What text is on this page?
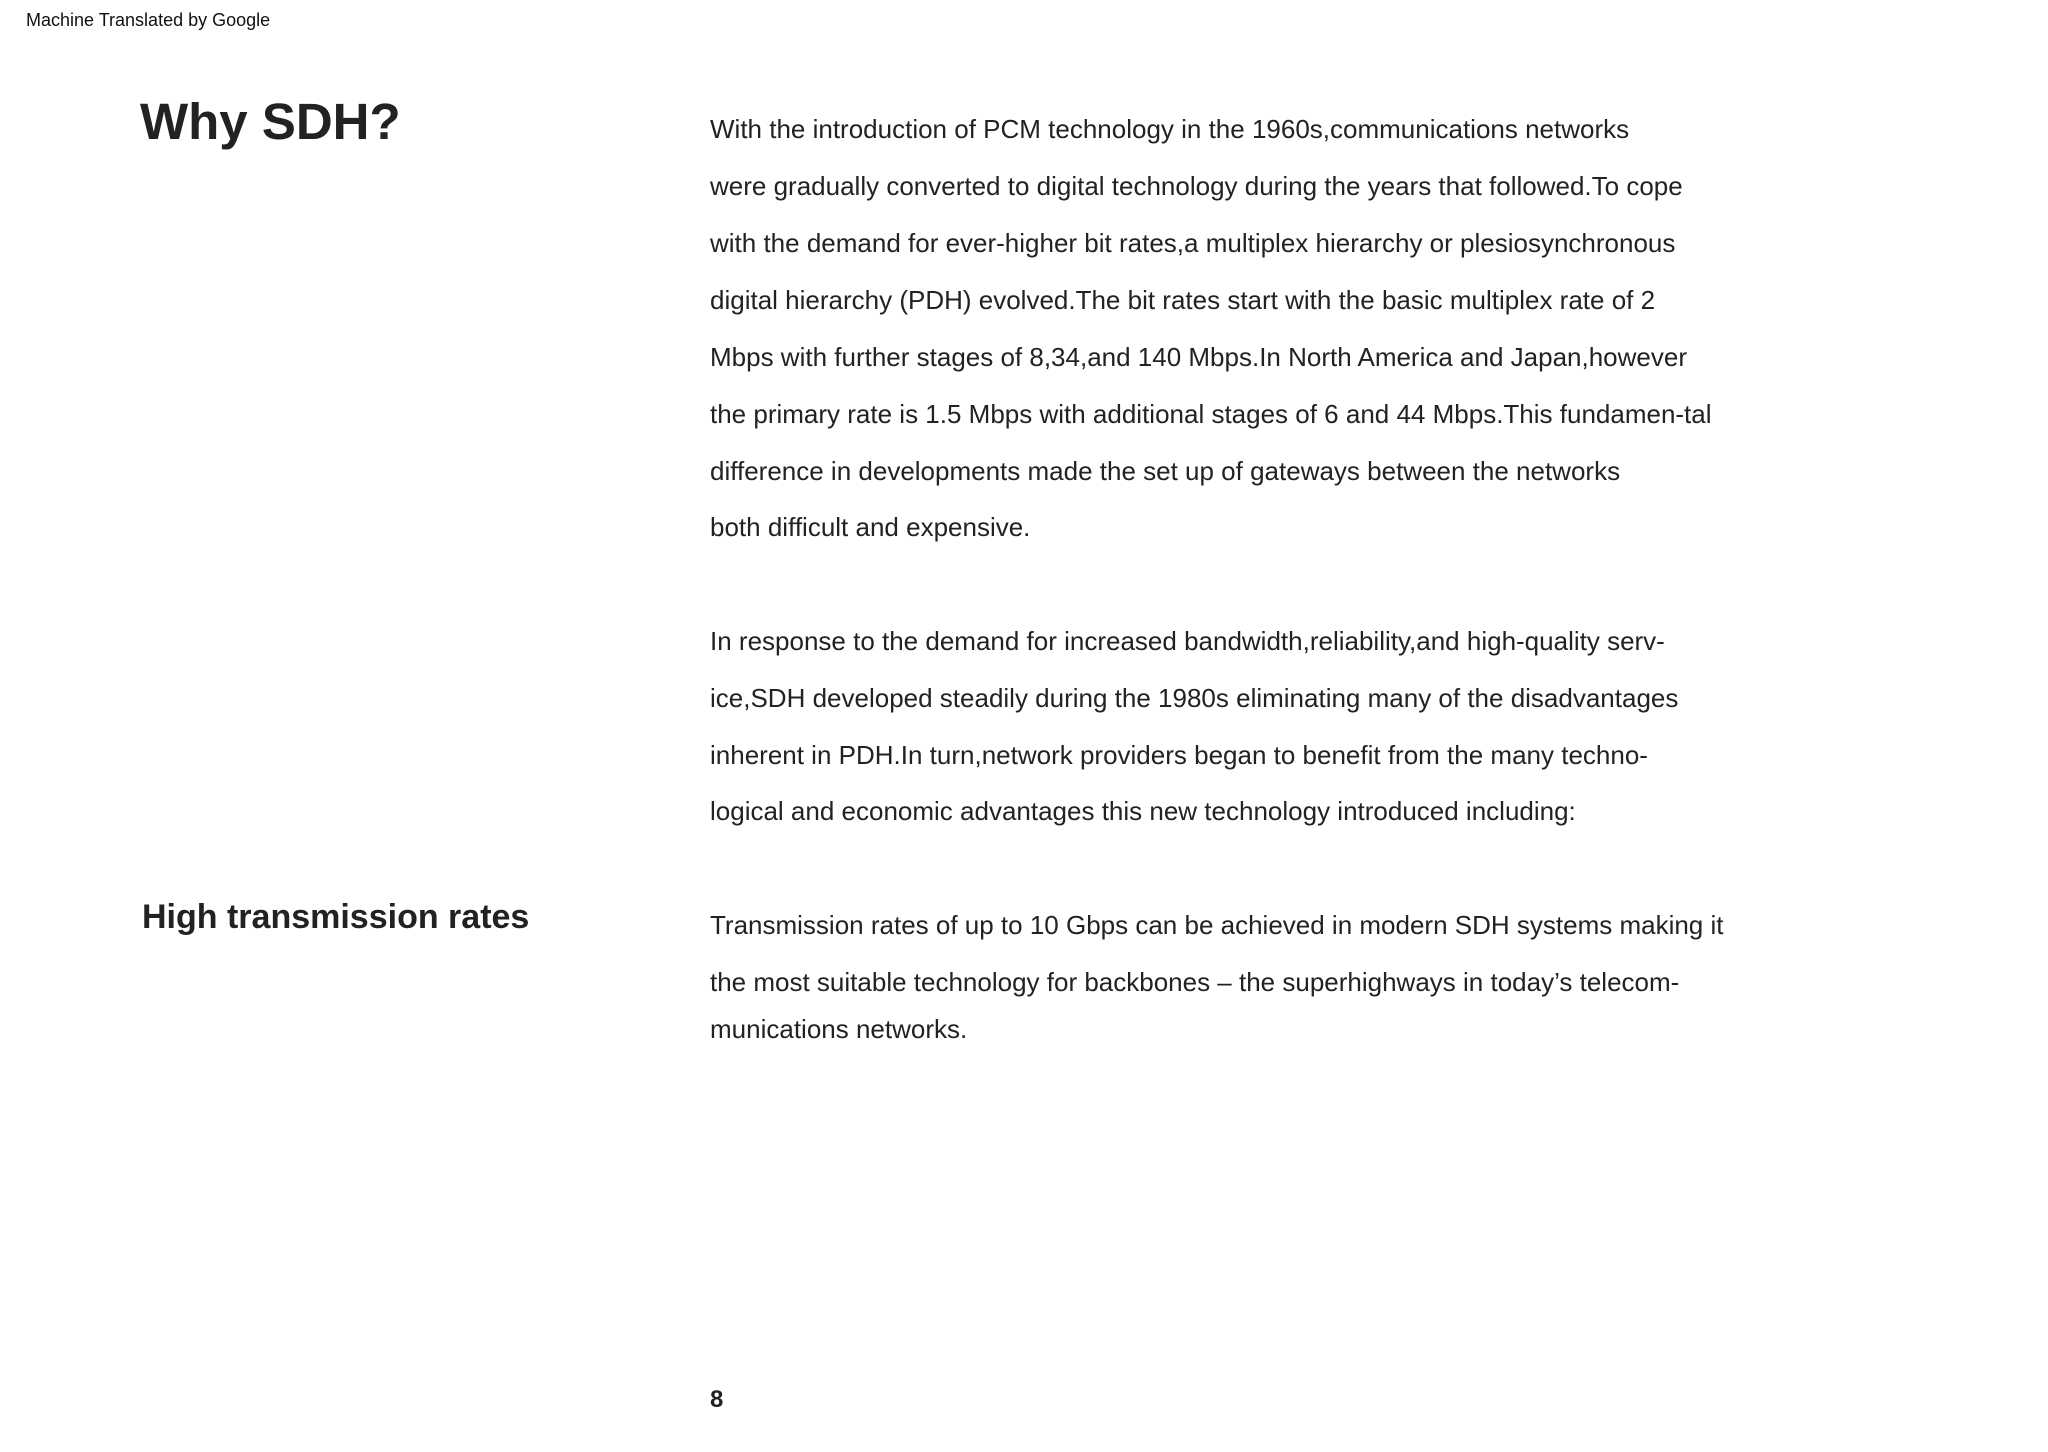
Machine Translated by Google
Why SDH?	With the introduction of PCM technology in the 1960s,communications networks

were gradually converted to digital technology during the years that followed.To cope

with the demand for ever-higher bit rates,a multiplex hierarchy or plesiosynchronous

digital hierarchy (PDH) evolved.The bit rates start with the basic multiplex rate of 2

Mbps with further stages of 8,34,and 140 Mbps.In North America and Japan,however

the primary rate is 1.5 Mbps with additional stages of 6 and 44 Mbps.This fundamen-tal

difference in developments made the set up of gateways between the networks

both difficult and expensive.

In response to the demand for increased bandwidth,reliability,and high-quality serv-

ice,SDH developed steadily during the 1980s eliminating many of the disadvantages

inherent in PDH.In turn,network providers began to benefit from the many techno-

logical and economic advantages this new technology introduced including:

High transmission rates	Transmission rates of up to 10 Gbps can be achieved in modern SDH systems making it

the most suitable technology for backbones – the superhighways in today’s telecom-

munications networks.

8
